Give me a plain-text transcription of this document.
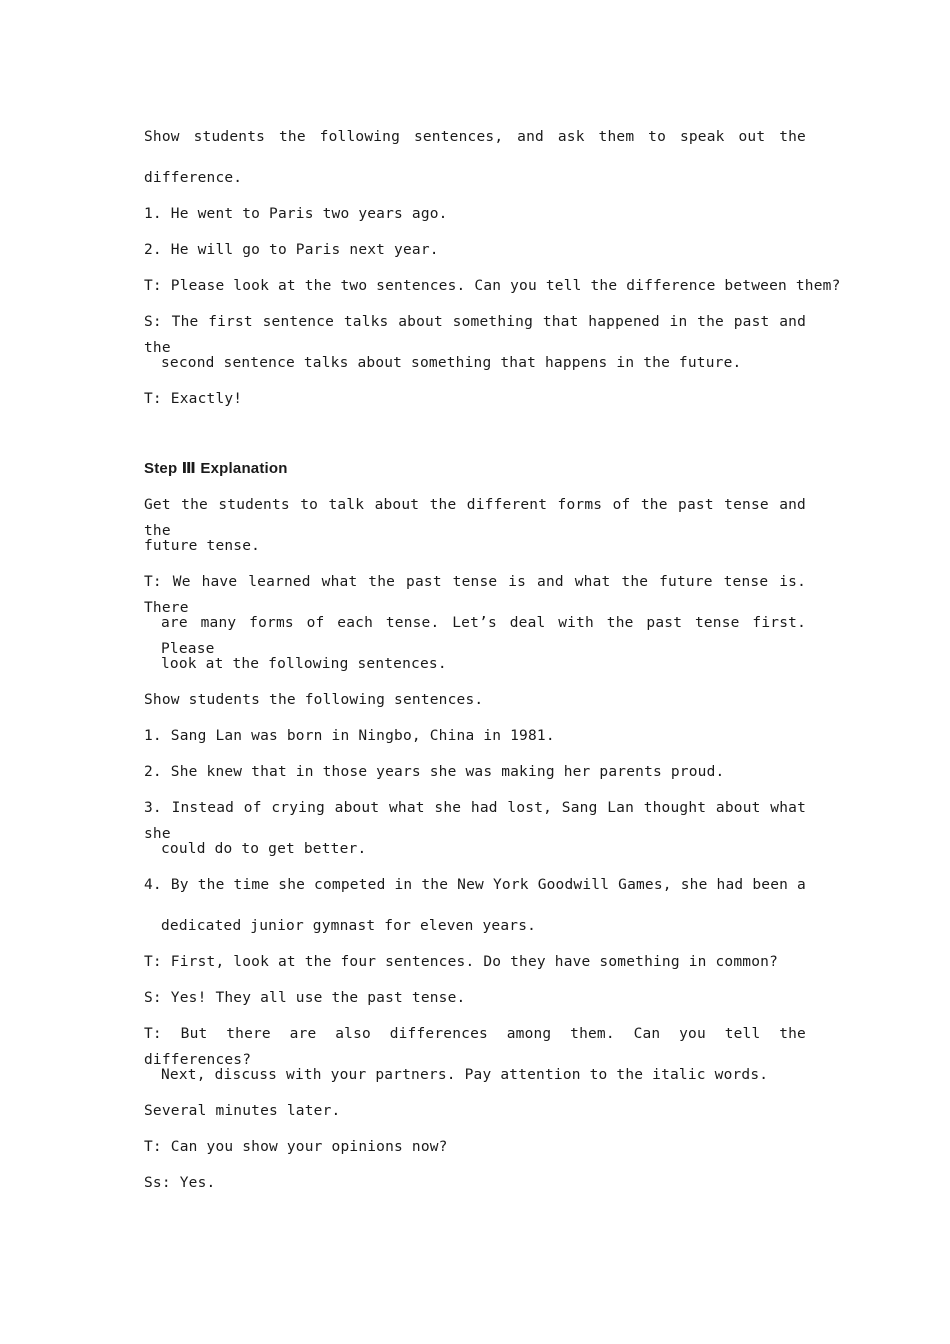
Show students the following sentences, and ask them to speak out the

difference.

1. He went to Paris two years ago.

2. He will go to Paris next year.

T: Please look at the two sentences. Can you tell the difference between them?

S: The first sentence talks about something that happened in the past and the

second sentence talks about something that happens in the future.

T: Exactly!

Step Ⅲ Explanation

Get the students to talk about the different forms of the past tense and the

future tense.

T: We have learned what the past tense is and what the future tense is. There

are many forms of each tense. Let’s deal with the past tense first. Please

look at the following sentences.

Show students the following sentences.

1. Sang Lan was born in Ningbo, China in 1981.

2. She knew that in those years she was making her parents proud.

3. Instead of crying about what she had lost, Sang Lan thought about what she

could do to get better.

4. By the time she competed in the New York Goodwill Games, she had been a

dedicated junior gymnast for eleven years.

T: First, look at the four sentences. Do they have something in common?

S: Yes! They all use the past tense.

T: But there are also differences among them. Can you tell the differences?

Next, discuss with your partners. Pay attention to the italic words.

Several minutes later.

T: Can you show your opinions now?

Ss: Yes.
